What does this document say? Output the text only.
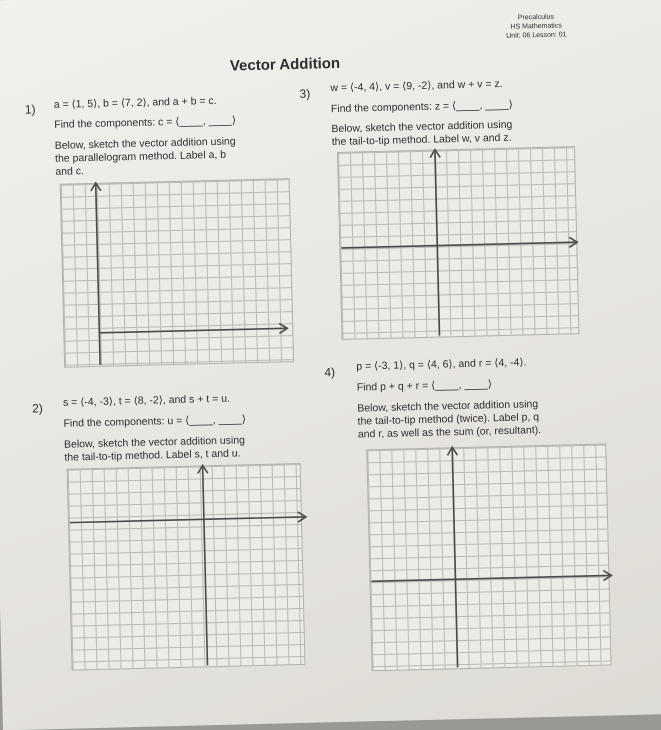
Precalculus
HS Mathematics
Unit: 06 Lesson: 01
Vector Addition
1) a = ⟨1, 5⟩, b = ⟨7, 2⟩, and a + b = c.
Find the components: c = ⟨____, ____⟩
Below, sketch the vector addition using
the parallelogram method. Label a, b
and c.
2) s = ⟨-4, -3⟩, t = ⟨8, -2⟩, and s + t = u.
Find the components: u = ⟨____, ____⟩
Below, sketch the vector addition using
the tail-to-tip method. Label s, t and u.
3) w = ⟨-4, 4⟩, v = ⟨9, -2⟩, and w + v = z.
Find the components: z = ⟨____, ____⟩
Below, sketch the vector addition using
the tail-to-tip method. Label w, v and z.
4) p = ⟨-3, 1⟩, q = ⟨4, 6⟩, and r = ⟨4, -4⟩.
Find p + q + r = ⟨____, ____⟩
Below, sketch the vector addition using
the tail-to-tip method (twice). Label p, q
and r, as well as the sum (or, resultant).
